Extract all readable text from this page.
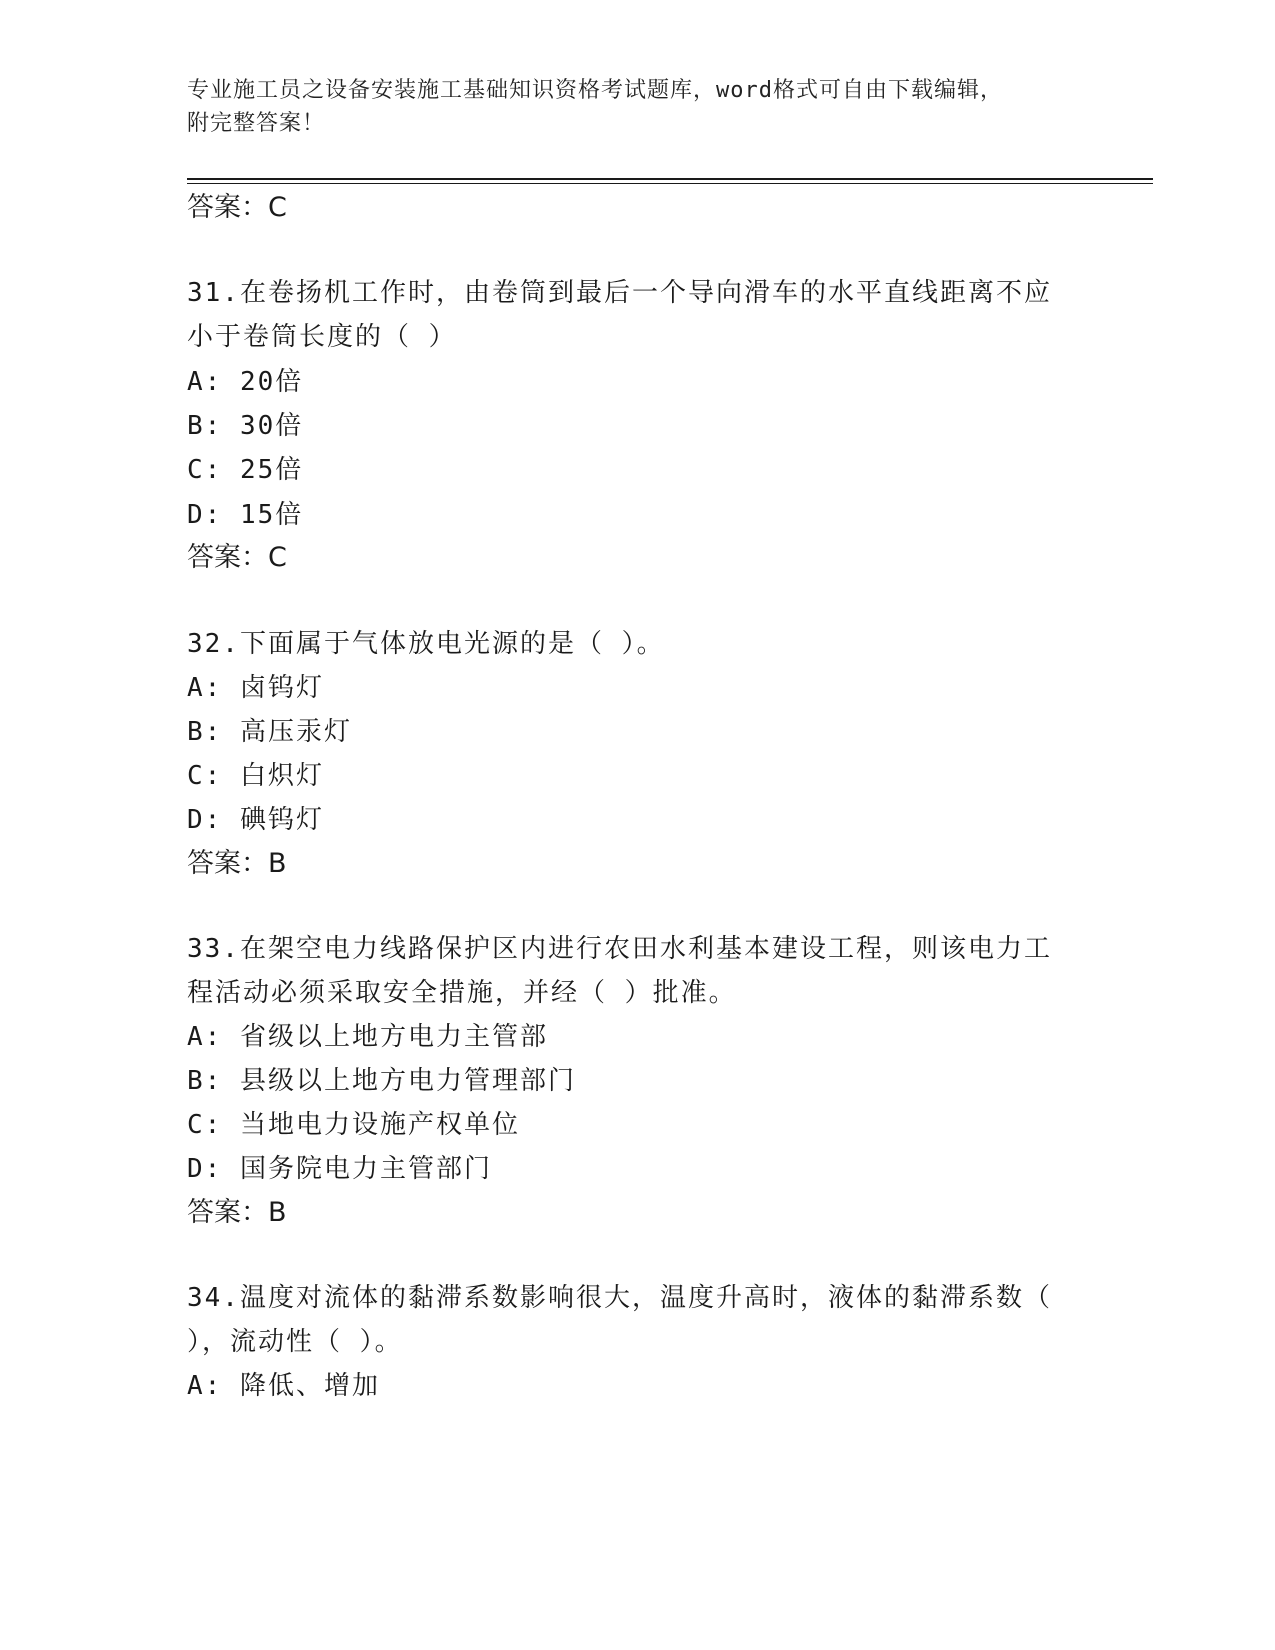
专业施工员之设备安装施工基础知识资格考试题库，word格式可自由下载编辑，
附完整答案！
答案：C
31.在卷扬机工作时，由卷筒到最后一个导向滑车的水平直线距离不应
小于卷筒长度的（ ）
A: 20倍
B: 30倍
C: 25倍
D: 15倍
答案：C
32.下面属于气体放电光源的是（ ）。
A: 卤钨灯
B: 高压汞灯
C: 白炽灯
D: 碘钨灯
答案：B
33.在架空电力线路保护区内进行农田水利基本建设工程，则该电力工
程活动必须采取安全措施，并经（ ）批准。
A: 省级以上地方电力主管部
B: 县级以上地方电力管理部门
C: 当地电力设施产权单位
D: 国务院电力主管部门
答案：B
34.温度对流体的黏滞系数影响很大，温度升高时，液体的黏滞系数（
），流动性（ ）。
A: 降低、增加
